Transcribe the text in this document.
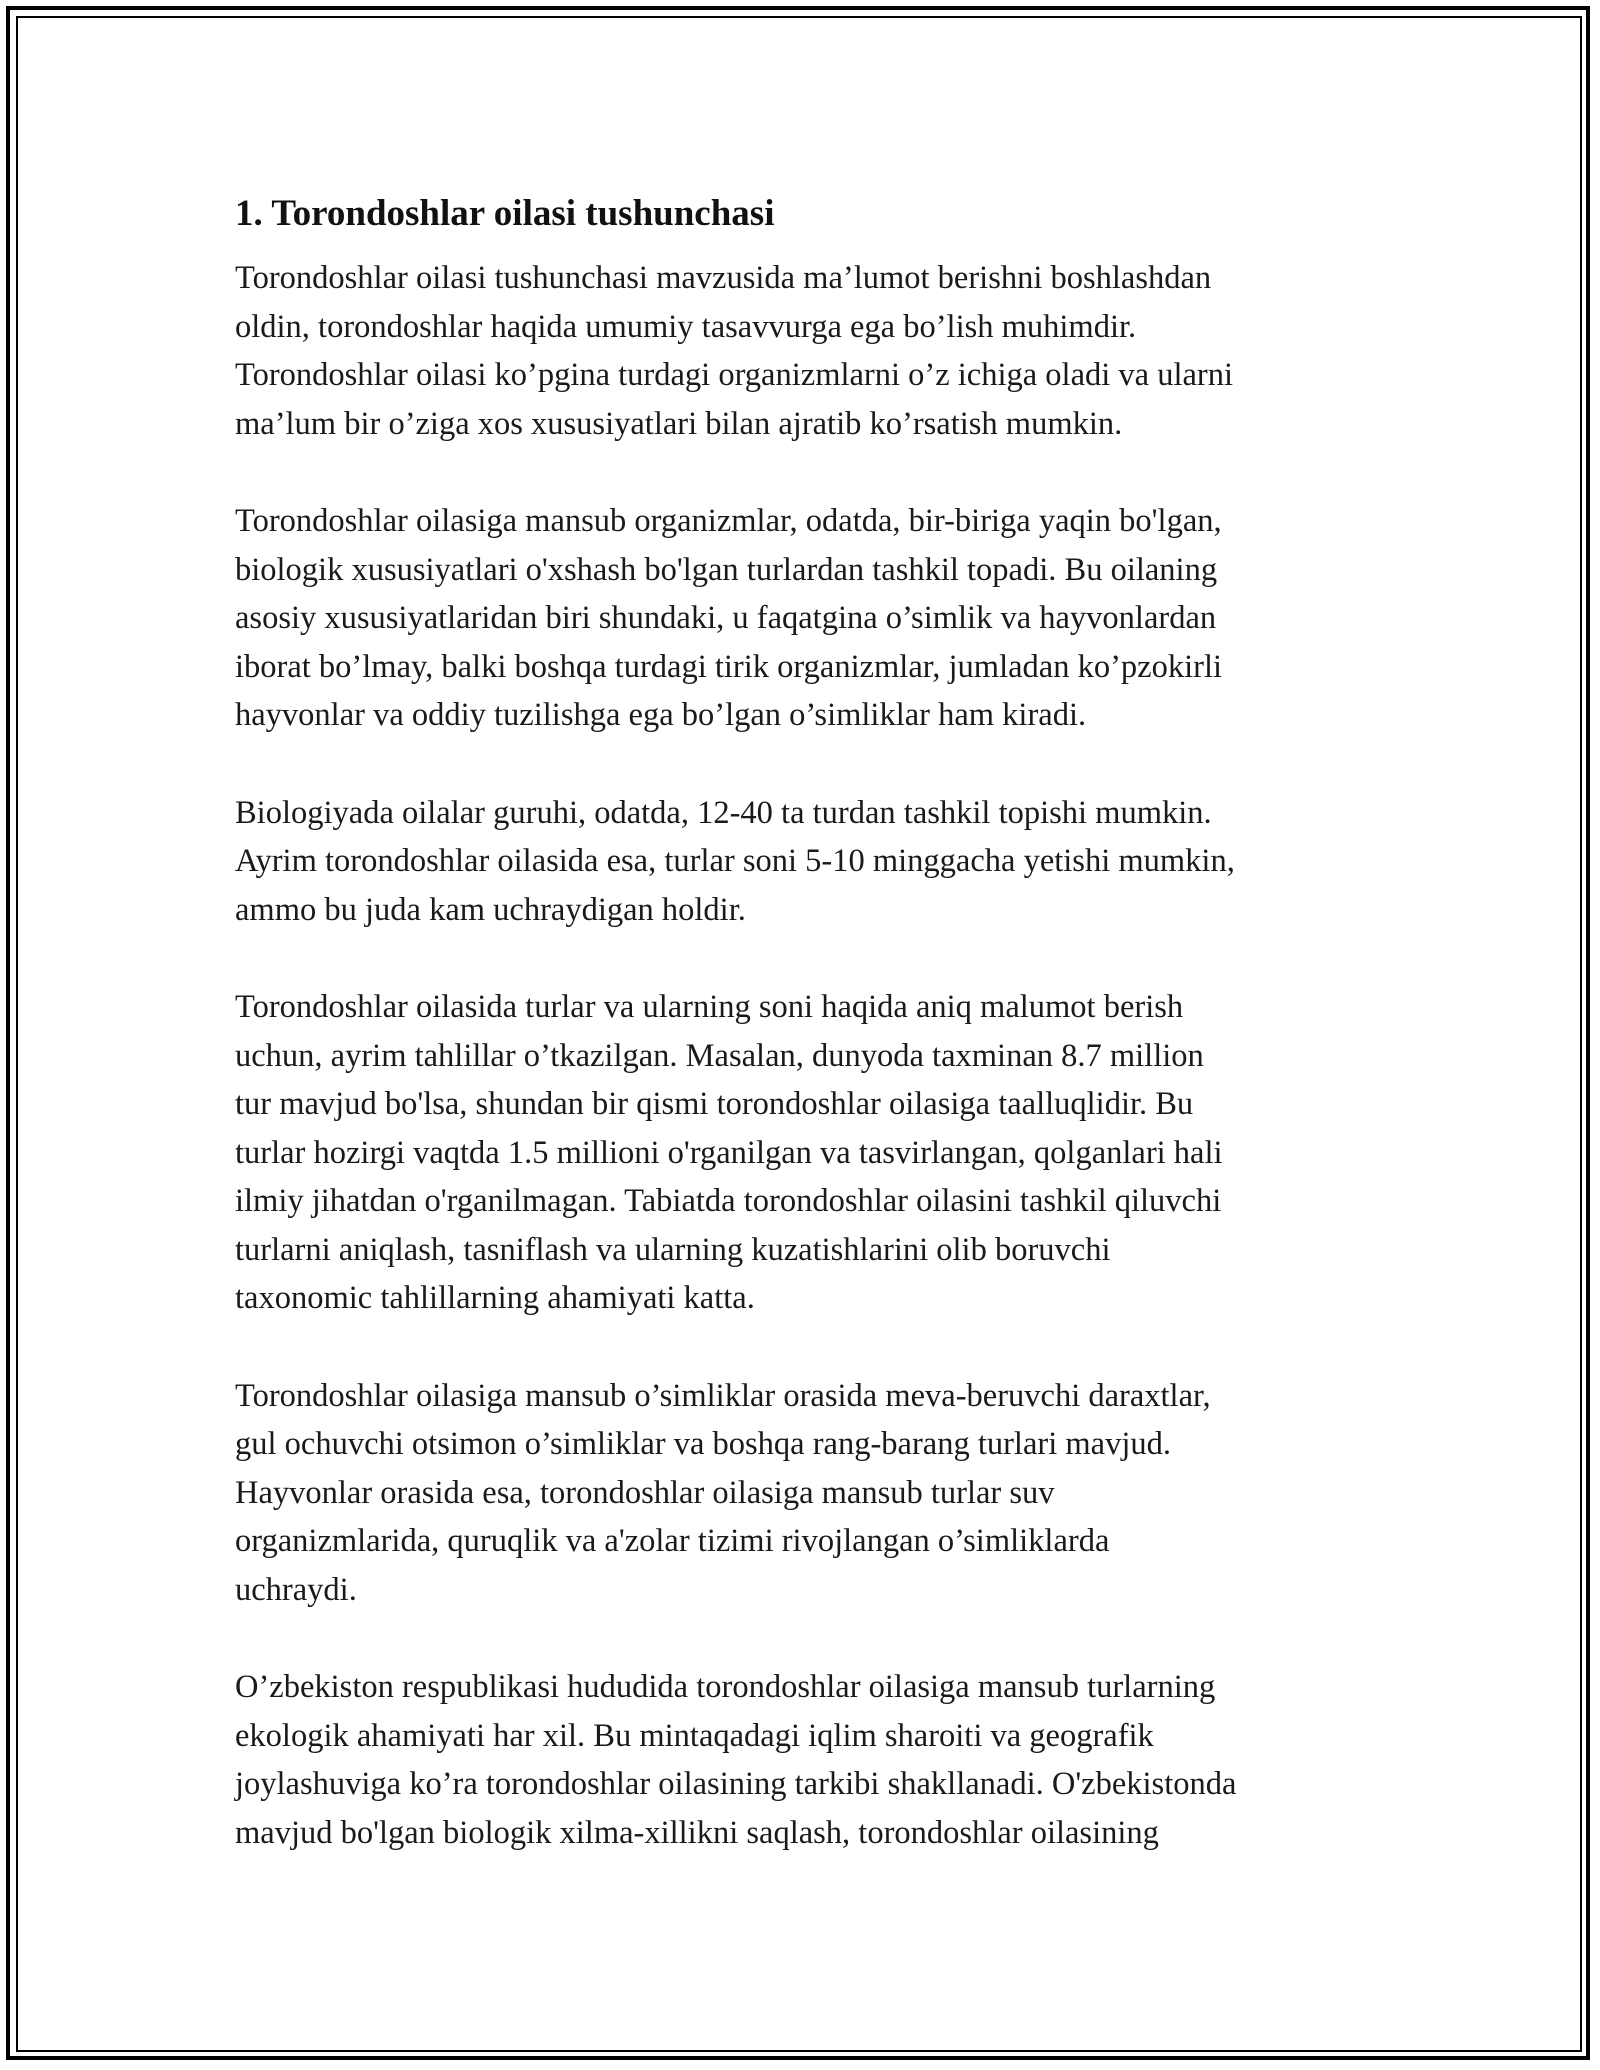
1. Torondoshlar oilasi tushunchasi

Torondoshlar oilasi tushunchasi mavzusida ma’lumot berishni boshlashdan
oldin, torondoshlar haqida umumiy tasavvurga ega bo’lish muhimdir.
Torondoshlar oilasi ko’pgina turdagi organizmlarni o’z ichiga oladi va ularni
ma’lum bir o’ziga xos xususiyatlari bilan ajratib ko’rsatish mumkin.

Torondoshlar oilasiga mansub organizmlar, odatda, bir-biriga yaqin bo'lgan,
biologik xususiyatlari o'xshash bo'lgan turlardan tashkil topadi. Bu oilaning
asosiy xususiyatlaridan biri shundaki, u faqatgina o’simlik va hayvonlardan
iborat bo’lmay, balki boshqa turdagi tirik organizmlar, jumladan ko’pzokirli
hayvonlar va oddiy tuzilishga ega bo’lgan o’simliklar ham kiradi.

Biologiyada oilalar guruhi, odatda, 12-40 ta turdan tashkil topishi mumkin.
Ayrim torondoshlar oilasida esa, turlar soni 5-10 minggacha yetishi mumkin,
ammo bu juda kam uchraydigan holdir.

Torondoshlar oilasida turlar va ularning soni haqida aniq malumot berish
uchun, ayrim tahlillar o’tkazilgan. Masalan, dunyoda taxminan 8.7 million
tur mavjud bo'lsa, shundan bir qismi torondoshlar oilasiga taalluqlidir. Bu
turlar hozirgi vaqtda 1.5 millioni o'rganilgan va tasvirlangan, qolganlari hali
ilmiy jihatdan o'rganilmagan. Tabiatda torondoshlar oilasini tashkil qiluvchi
turlarni aniqlash, tasniflash va ularning kuzatishlarini olib boruvchi
taxonomic tahlillarning ahamiyati katta.

Torondoshlar oilasiga mansub o’simliklar orasida meva-beruvchi daraxtlar,
gul ochuvchi otsimon o’simliklar va boshqa rang-barang turlari mavjud.
Hayvonlar orasida esa, torondoshlar oilasiga mansub turlar suv
organizmlarida, quruqlik va a'zolar tizimi rivojlangan o’simliklarda
uchraydi.

O’zbekiston respublikasi hududida torondoshlar oilasiga mansub turlarning
ekologik ahamiyati har xil. Bu mintaqadagi iqlim sharoiti va geografik
joylashuviga ko’ra torondoshlar oilasining tarkibi shakllanadi. O'zbekistonda
mavjud bo'lgan biologik xilma-xillikni saqlash, torondoshlar oilasining
